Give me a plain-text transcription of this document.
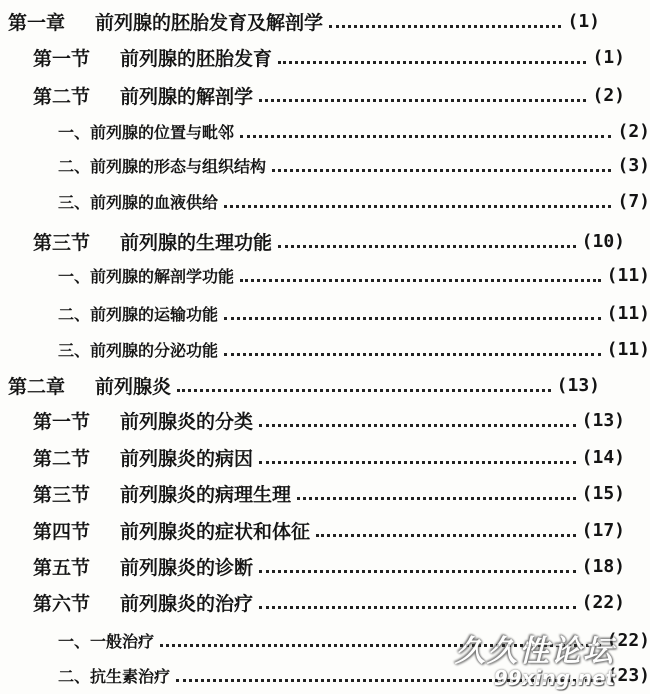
第一章 前列腺的胚胎发育及解剖学	(1)
第一节 前列腺的胚胎发育	(1)
第二节 前列腺的解剖学	(2)
一、 前列腺的位置与毗邻	(2)
二、 前列腺的形态与组织结构	(3)
三、 前列腺的血液供给	(7)
第三节 前列腺的生理功能	(10)
一、 前列腺的解剖学功能	(11)
二、 前列腺的运输功能	(11)
三、 前列腺的分泌功能	(11)
第二章 前列腺炎	(13)
第一节 前列腺炎的分类	(13)
第二节 前列腺炎的病因	(14)
第三节 前列腺炎的病理生理	(15)
第四节 前列腺炎的症状和体征	(17)
第五节 前列腺炎的诊断	(18)
第六节 前列腺炎的治疗	(22)
一、 一般治疗	(22)
二、 抗生素治疗	(23)
久久性论坛
99xing.net
